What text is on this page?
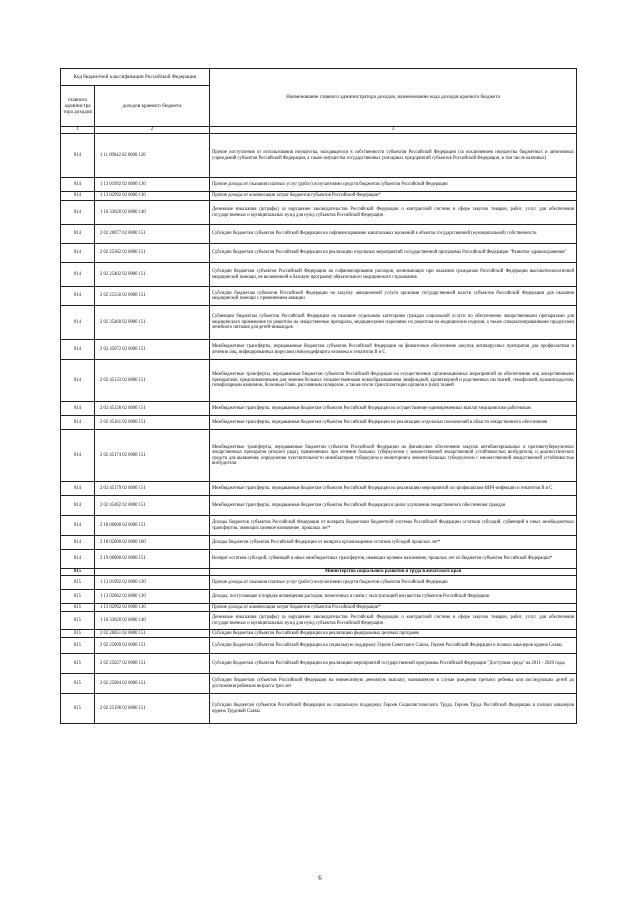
Код бюджетной классификации Российской Федерации		Наименование главного администратора доходов, наименование кода доходов краевого бюджета
главного администра тора доходов	доходов краевого бюджета	
1	2	3
814	1 11 09042 02 0000 120	Прочие поступления от использования имущества, находящегося в собственности субъектов Российской Федерации (за исключением имущества бюджетных и автономных учреждений субъектов Российской Федерации, а также имущества государственных унитарных предприятий субъектов Российской Федерации, в том числе казенных)
814	1 13 01992 02 0000 130	Прочие доходы от оказания платных услуг (работ) получателями средств бюджетов субъектов Российской Федерации
814	1 13 02992 02 0000 130	Прочие доходы от компенсации затрат бюджетов субъектов Российской Федерации*
814	1 16 33020 02 0000 140	Денежные взыскания (штрафы) за нарушение законодательства Российской Федерации о контрактной системе в сфере закупок товаров, работ, услуг для обеспечения государственных и муниципальных нужд для нужд субъектов Российской Федерации
814	2 02 20077 02 0000 151	Субсидии бюджетам субъектов Российской Федерации на софинансирование капитальных вложений в объекты государственной (муниципальной) собственности
814	2 02 25382 02 0000 151	Субсидии бюджетам субъектов Российской Федерации на реализацию отдельных мероприятий государственной программы Российской Федерации "Развитие здравоохранения"
814	2 02 25402 02 0000 151	Субсидии бюджетам субъектов Российской Федерации на софинансирование расходов, возникающих при оказании гражданам Российской Федерации высокотехнологичной медицинской помощи, не включенной в базовую программу обязательного медицинского страхования
814	2 02 25556 02 0000 151	Субсидии бюджетам субъектов Российской Федерации на закупку авиационной услуги органами государственной власти субъектов Российской Федерации для оказания медицинской помощи с применением авиации
814	2 02 35460 02 0000 151	Субвенции бюджетам субъектов Российской Федерации на оказание отдельным категориям граждан социальной услуги по обеспечению лекарственными препаратами для медицинского применения по рецептам на лекарственные препараты, медицинскими изделиями по рецептам на медицинские изделия, а также специализированными продуктами лечебного питания для детей-инвалидов
814	2 02 45072 02 0000 151	Межбюджетные трансферты, передаваемые бюджетам субъектов Российской Федерации на финансовое обеспечение закупок антивирусных препаратов для профилактики и лечения лиц, инфицированных вирусами иммунодефицита человека и гепатитов B и C
814	2 02 45133 02 0000 151	Межбюджетные трансферты, передаваемые бюджетам субъектов Российской Федерации на осуществление организационных мероприятий по обеспечению лиц лекарственными препаратами, предназначенными для лечения больных злокачественными новообразованиями лимфоидной, кроветворной и родственных им тканей, гемофилией, муковисцидозом, гипофизарным нанизмом, болезнью Гоше, рассеянным склерозом, а также после трансплантации органов и (или) тканей
814	2 02 45136 02 0000 151	Межбюджетные трансферты, передаваемые бюджетам субъектов Российской Федерации на осуществление единовременных выплат медицинским работникам
814	2 02 45161 02 0000 151	Межбюджетные трансферты, передаваемые бюджетам субъектов Российской Федерации на реализацию отдельных полномочий в области лекарственного обеспечения
814	2 02 45174 02 0000 151	Межбюджетные трансферты, передаваемые бюджетам субъектов Российской Федерации на финансовое обеспечение закупок антибактериальных и противотуберкулезных лекарственных препаратов (второго ряда), применяемых при лечении больных туберкулезом с множественной лекарственной устойчивостью возбудителя, и диагностических средств для выявления, определения чувствительности микобактерии туберкулеза и мониторинга лечения больных туберкулезом с множественной лекарственной устойчивостью возбудителя
814	2 02 45179 02 0000 151	Межбюджетные трансферты, передаваемые бюджетам субъектов Российской Федерации на реализацию мероприятий по профилактике ВИЧ-инфекции и гепатитов B и C
814	2 02 45482 02 0000 151	Межбюджетные трансферты, передаваемые бюджетам субъектов Российской Федерации в целях улучшения лекарственного обеспечения граждан
814	2 18 00000 02 0000 151	Доходы бюджетов субъектов Российской Федерации от возврата бюджетами бюджетной системы Российской Федерации остатков субсидий, субвенций и иных межбюджетных трансфертов, имеющих целевое назначение, прошлых лет*
814	2 18 02000 02 0000 180	Доходы бюджетов субъектов Российской Федерации от возврата организациями остатков субсидий прошлых лет*
814	2 19 00000 02 0000 151	Возврат остатков субсидий, субвенций и иных межбюджетных трансфертов, имеющих целевое назначение, прошлых лет из бюджетов субъектов Российской Федерации*
815		Министерство социального развития и труда Камчатского края
815	1 13 01992 02 0000 130	Прочие доходы от оказания платных услуг (работ) получателями средств бюджетов субъектов Российской Федерации
815	1 13 02062 02 0000 130	Доходы, поступающие в порядке возмещения расходов, понесенных в связи с эксплуатацией имущества субъектов Российской Федерации
815	1 13 02992 02 0000 130	Прочие доходы от компенсации затрат бюджетов субъектов Российской Федерации*
815	1 16 33020 02 0000 140	Денежные взыскания (штрафы) за нарушение законодательства Российской Федерации о контрактной системе в сфере закупок товаров, работ, услуг для обеспечения государственных и муниципальных нужд для нужд субъектов Российской Федерации
815	2 02 20051 02 0000 151	Субсидии бюджетам субъектов Российской Федерации на реализацию федеральных целевых программ
815	2 02 25009 02 0000 151	Субсидии бюджетам субъектов Российской Федерации на социальную поддержку Героев Советского Союза, Героев Российской Федерации и полных кавалеров ордена Славы
815	2 02 25027 02 0000 151	Субсидии бюджетам субъектов Российской Федерации на реализацию мероприятий государственной программы Российской Федерации "Доступная среда" на 2011 - 2020 годы
815	2 02 25084 02 0000 151	Субсидии бюджетам субъектов Российской Федерации на ежемесячную денежную выплату, назначаемую в случае рождения третьего ребенка или последующих детей до достижения ребенком возраста трех лет
815	2 02 25198 02 0000 151	Субсидии бюджетам субъектов Российской Федерации на социальную поддержку Героев Социалистического Труда, Героев Труда Российской Федерации и полных кавалеров ордена Трудовой Славы
6
